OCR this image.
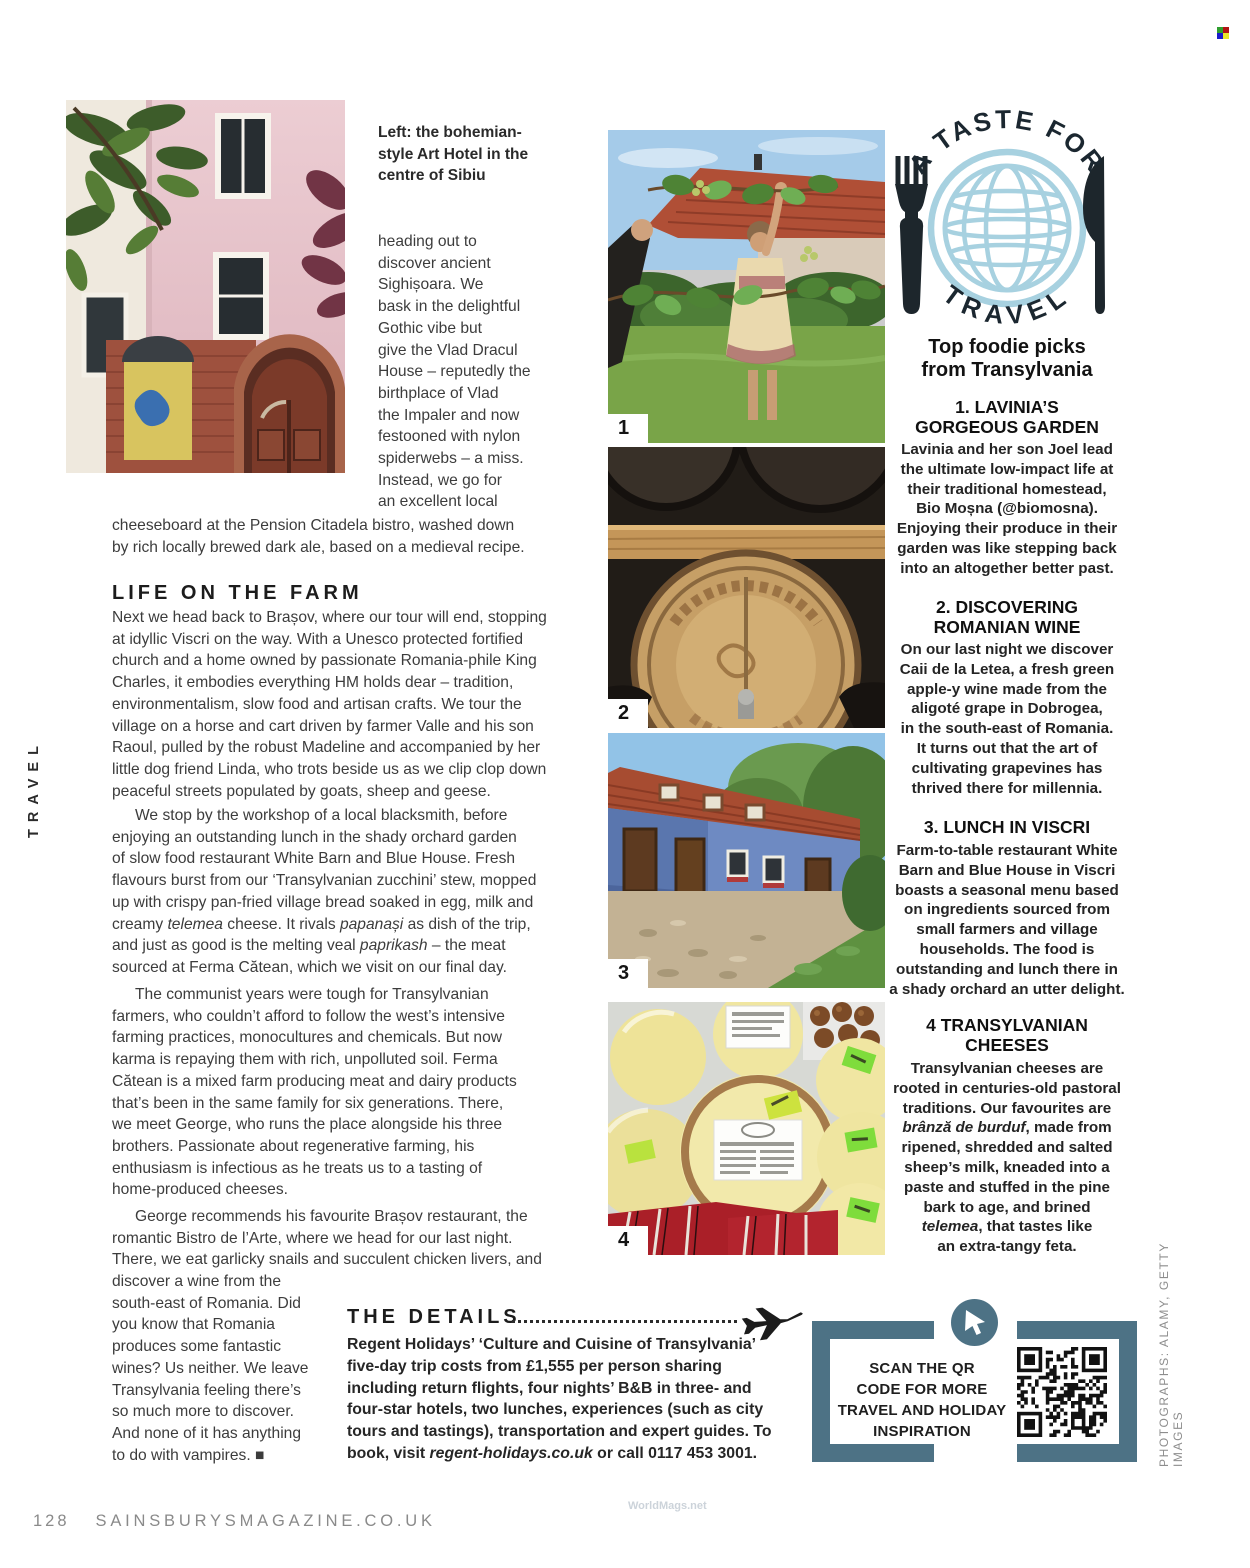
TRAVEL
Left: the bohemian-
style Art Hotel in the
centre of Sibiu
heading out to
discover ancient
Sighișoara. We
bask in the delightful
Gothic vibe but
give the Vlad Dracul
House – reputedly the
birthplace of Vlad
the Impaler and now
festooned with nylon
spiderwebs – a miss.
Instead, we go for
an excellent local
cheeseboard at the Pension Citadela bistro, washed down
by rich locally brewed dark ale, based on a medieval recipe.
LIFE ON THE FARM
Next we head back to Brașov, where our tour will end, stopping
at idyllic Viscri on the way. With a Unesco protected fortified
church and a home owned by passionate Romania-phile King
Charles, it embodies everything HM holds dear – tradition,
environmentalism, slow food and artisan crafts. We tour the
village on a horse and cart driven by farmer Valle and his son
Raoul, pulled by the robust Madeline and accompanied by her
little dog friend Linda, who trots beside us as we clip clop down
peaceful streets populated by goats, sheep and geese.
We stop by the workshop of a local blacksmith, before
enjoying an outstanding lunch in the shady orchard garden
of slow food restaurant White Barn and Blue House. Fresh
flavours burst from our ‘Transylvanian zucchini’ stew, mopped
up with crispy pan-fried village bread soaked in egg, milk and
creamy telemea cheese. It rivals papanași as dish of the trip,
and just as good is the melting veal paprikash – the meat
sourced at Ferma Cătean, which we visit on our final day.
The communist years were tough for Transylvanian
farmers, who couldn’t afford to follow the west’s intensive
farming practices, monocultures and chemicals. But now
karma is repaying them with rich, unpolluted soil. Ferma
Cătean is a mixed farm producing meat and dairy products
that’s been in the same family for six generations. There,
we meet George, who runs the place alongside his three
brothers. Passionate about regenerative farming, his
enthusiasm is infectious as he treats us to a tasting of
home-produced cheeses.
George recommends his favourite Brașov restaurant, the
romantic Bistro de l’Arte, where we head for our last night.
There, we eat garlicky snails and succulent chicken livers, and
discover a wine from the
south-east of Romania. Did
you know that Romania
produces some fantastic
wines? Us neither. We leave
Transylvania feeling there’s
so much more to discover.
And none of it has anything
to do with vampires. ■
THE DETAILS
Regent Holidays’ ‘Culture and Cuisine of Transylvania’
five-day trip costs from £1,555 per person sharing
including return flights, four nights’ B&B in three- and
four-star hotels, two lunches, experiences (such as city
tours and tastings), transportation and expert guides. To
book, visit regent-holidays.co.uk or call 0117 453 3001.
1
2
3
4
A TASTE FOR
TRAVEL
Top foodie picks
from Transylvania
1. LAVINIA’S
GORGEOUS GARDEN
Lavinia and her son Joel lead
the ultimate low-impact life at
their traditional homestead,
Bio Moșna (@biomosna).
Enjoying their produce in their
garden was like stepping back
into an altogether better past.
2. DISCOVERING
ROMANIAN WINE
On our last night we discover
Caii de la Letea, a fresh green
apple-y wine made from the
aligoté grape in Dobrogea,
in the south-east of Romania.
It turns out that the art of
cultivating grapevines has
thrived there for millennia.
3. LUNCH IN VISCRI
Farm-to-table restaurant White
Barn and Blue House in Viscri
boasts a seasonal menu based
on ingredients sourced from
small farmers and village
households. The food is
outstanding and lunch there in
a shady orchard an utter delight.
4 TRANSYLVANIAN
CHEESES
Transylvanian cheeses are
rooted in centuries-old pastoral
traditions. Our favourites are
brânză de burduf, made from
ripened, shredded and salted
sheep’s milk, kneaded into a
paste and stuffed in the pine
bark to age, and brined
telemea, that tastes like
an extra-tangy feta.
SCAN THE QR
CODE FOR MORE
TRAVEL AND HOLIDAY
INSPIRATION	PHOTOGRAPHS: ALAMY, GETTY IMAGES
128 SAINSBURYSMAGAZINE.CO.UK
WorldMags.net
